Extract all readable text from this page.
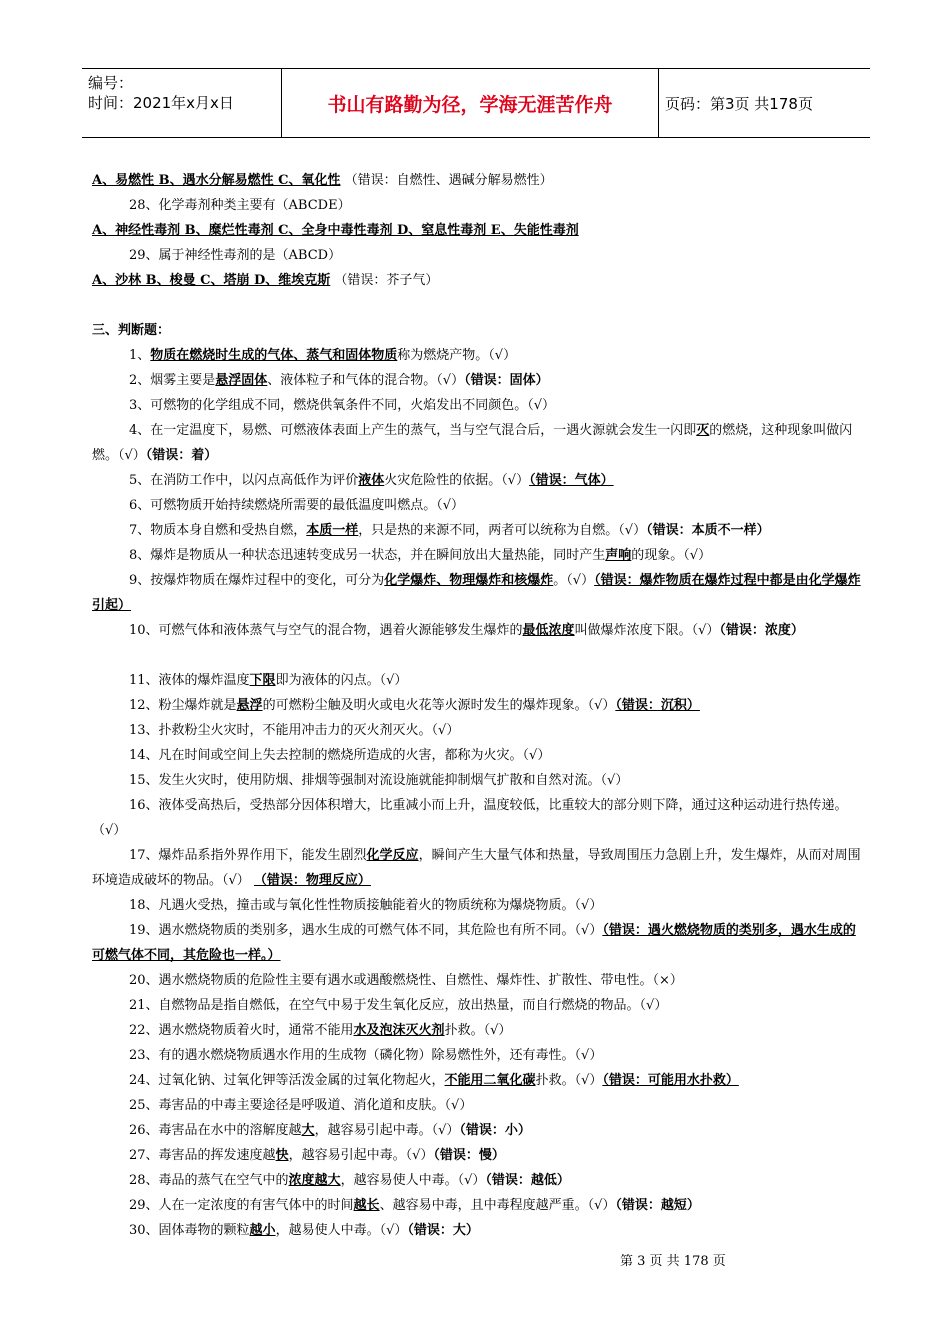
编号：
时间：2021年x月x日	书山有路勤为径，学海无涯苦作舟	页码：第3页 共178页
A、易燃性 B、遇水分解易燃性 C、氧化性 （错误：自燃性、遇碱分解易燃性）
28、化学毒剂种类主要有（ABCDE）
A、神经性毒剂 B、糜烂性毒剂 C、全身中毒性毒剂 D、窒息性毒剂 E、失能性毒剂
29、属于神经性毒剂的是（ABCD）
A、沙林 B、梭曼 C、塔崩 D、维埃克斯 （错误：芥子气）
三、判断题：
1、物质在燃烧时生成的气体、蒸气和固体物质称为燃烧产物。（√）
2、烟雾主要是悬浮固体、液体粒子和气体的混合物。（√）（错误：固体）
3、可燃物的化学组成不同，燃烧供氧条件不同，火焰发出不同颜色。（√）
4、在一定温度下，易燃、可燃液体表面上产生的蒸气，当与空气混合后，一遇火源就会发生一闪即灭的燃烧，这种现象叫做闪燃。（√）（错误：着）
5、在消防工作中，以闪点高低作为评价液体火灾危险性的依据。（√）（错误：气体）
6、可燃物质开始持续燃烧所需要的最低温度叫燃点。（√）
7、物质本身自燃和受热自燃，本质一样，只是热的来源不同，两者可以统称为自燃。（√）（错误：本质不一样）
8、爆炸是物质从一种状态迅速转变成另一状态，并在瞬间放出大量热能，同时产生声响的现象。（√）
9、按爆炸物质在爆炸过程中的变化，可分为化学爆炸、物理爆炸和核爆炸。（√）（错误：爆炸物质在爆炸过程中都是由化学爆炸引起）
10、可燃气体和液体蒸气与空气的混合物，遇着火源能够发生爆炸的最低浓度叫做爆炸浓度下限。（√）（错误：浓度）
11、液体的爆炸温度下限即为液体的闪点。（√）
12、粉尘爆炸就是悬浮的可燃粉尘触及明火或电火花等火源时发生的爆炸现象。（√）（错误：沉积）
13、扑救粉尘火灾时，不能用冲击力的灭火剂灭火。（√）
14、凡在时间或空间上失去控制的燃烧所造成的火害，都称为火灾。（√）
15、发生火灾时，使用防烟、排烟等强制对流设施就能抑制烟气扩散和自然对流。（√）
16、液体受高热后，受热部分因体积增大，比重减小而上升，温度较低，比重较大的部分则下降，通过这种运动进行热传递。（√）
17、爆炸品系指外界作用下，能发生剧烈化学反应，瞬间产生大量气体和热量，导致周围压力急剧上升，发生爆炸，从而对周围环境造成破坏的物品。（√） （错误：物理反应）
18、凡遇火受热，撞击或与氧化性性物质接触能着火的物质统称为爆烧物质。（√）
19、遇水燃烧物质的类别多，遇水生成的可燃气体不同，其危险也有所不同。（√）（错误：遇火燃烧物质的类别多，遇水生成的可燃气体不同，其危险也一样。）
20、遇水燃烧物质的危险性主要有遇水或遇酸燃烧性、自燃性、爆炸性、扩散性、带电性。（×）
21、自燃物品是指自燃低，在空气中易于发生氧化反应，放出热量，而自行燃烧的物品。（√）
22、遇水燃烧物质着火时，通常不能用水及泡沫灭火剂扑救。（√）
23、有的遇水燃烧物质遇水作用的生成物（磷化物）除易燃性外，还有毒性。（√）
24、过氧化钠、过氧化钾等活泼金属的过氧化物起火，不能用二氧化碳扑救。（√）（错误：可能用水扑救）
25、毒害品的中毒主要途径是呼吸道、消化道和皮肤。（√）
26、毒害品在水中的溶解度越大，越容易引起中毒。（√）（错误：小）
27、毒害品的挥发速度越快，越容易引起中毒。（√）（错误：慢）
28、毒品的蒸气在空气中的浓度越大，越容易使人中毒。（√）（错误：越低）
29、人在一定浓度的有害气体中的时间越长、越容易中毒，且中毒程度越严重。（√）（错误：越短）
30、固体毒物的颗粒越小，越易使人中毒。（√）（错误：大）
第 3 页 共 178 页
